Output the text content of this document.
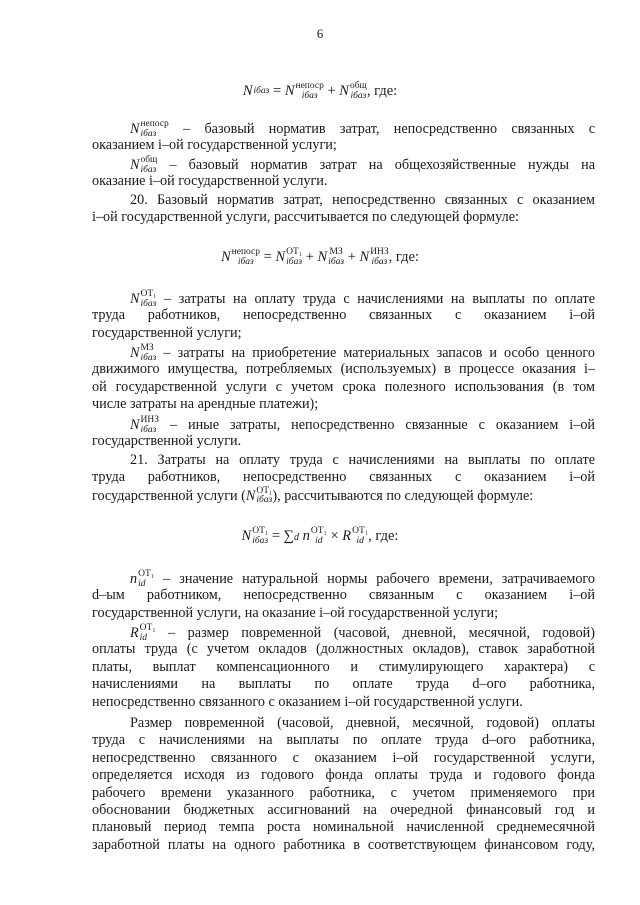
6
N iбаз = N непоср
iбаз + N общ
iбаз , где:
N непоср
iбаз	– базовый норматив затрат, непосредственно связанных с
оказанием i–ой государственной услуги;
N общ
iбаз – базовый норматив затрат на общехозяйственные нужды на
оказание i–ой государственной услуги.
20. Базовый норматив затрат, непосредственно связанных с оказанием
i–ой государственной услуги, рассчитывается по следующей формуле:
N непоср
iбаз = N ОТ₁
iбаз + N МЗ
iбаз + N ИНЗ
iбаз , где:
N ОТ₁
iбаз – затраты на оплату труда с начислениями на выплаты по оплате
труда работников, непосредственно связанных с оказанием i–ой
государственной услуги;
N МЗ
iбаз – затраты на приобретение материальных запасов и особо ценного
движимого имущества, потребляемых (используемых) в процессе оказания i–
ой государственной услуги с учетом срока полезного использования (в том
числе затраты на арендные платежи);
N ИНЗ
iбаз – иные затраты, непосредственно связанные с оказанием i–ой
государственной услуги.
21. Затраты на оплату труда с начислениями на выплаты по оплате
труда работников, непосредственно связанных с оказанием i–ой
государственной услуги (N ОТ₁
iбаз ), рассчитываются по следующей формуле:
N ОТ₁
iбаз = ∑d n ОТ₁
id × R ОТ₁
id , где:
n ОТ₁
id	– значение натуральной нормы рабочего времени, затрачиваемого
d–ым работником, непосредственно связанным с оказанием i–ой
государственной услуги, на оказание i–ой государственной услуги;
R ОТ₁
id	– размер повременной (часовой, дневной, месячной, годовой)
оплаты труда (с учетом окладов (должностных окладов), ставок заработной
платы, выплат компенсационного и стимулирующего характера) с
начислениями на выплаты по оплате труда d–ого работника,
непосредственно связанного с оказанием i–ой государственной услуги.
Размер повременной (часовой, дневной, месячной, годовой) оплаты
труда с начислениями на выплаты по оплате труда d–ого работника,
непосредственно связанного с оказанием i–ой государственной услуги,
определяется исходя из годового фонда оплаты труда и годового фонда
рабочего времени указанного работника, с учетом применяемого при
обосновании бюджетных ассигнований на очередной финансовый год и
плановый период темпа роста номинальной начисленной среднемесячной
заработной платы на одного работника в соответствующем финансовом году,
